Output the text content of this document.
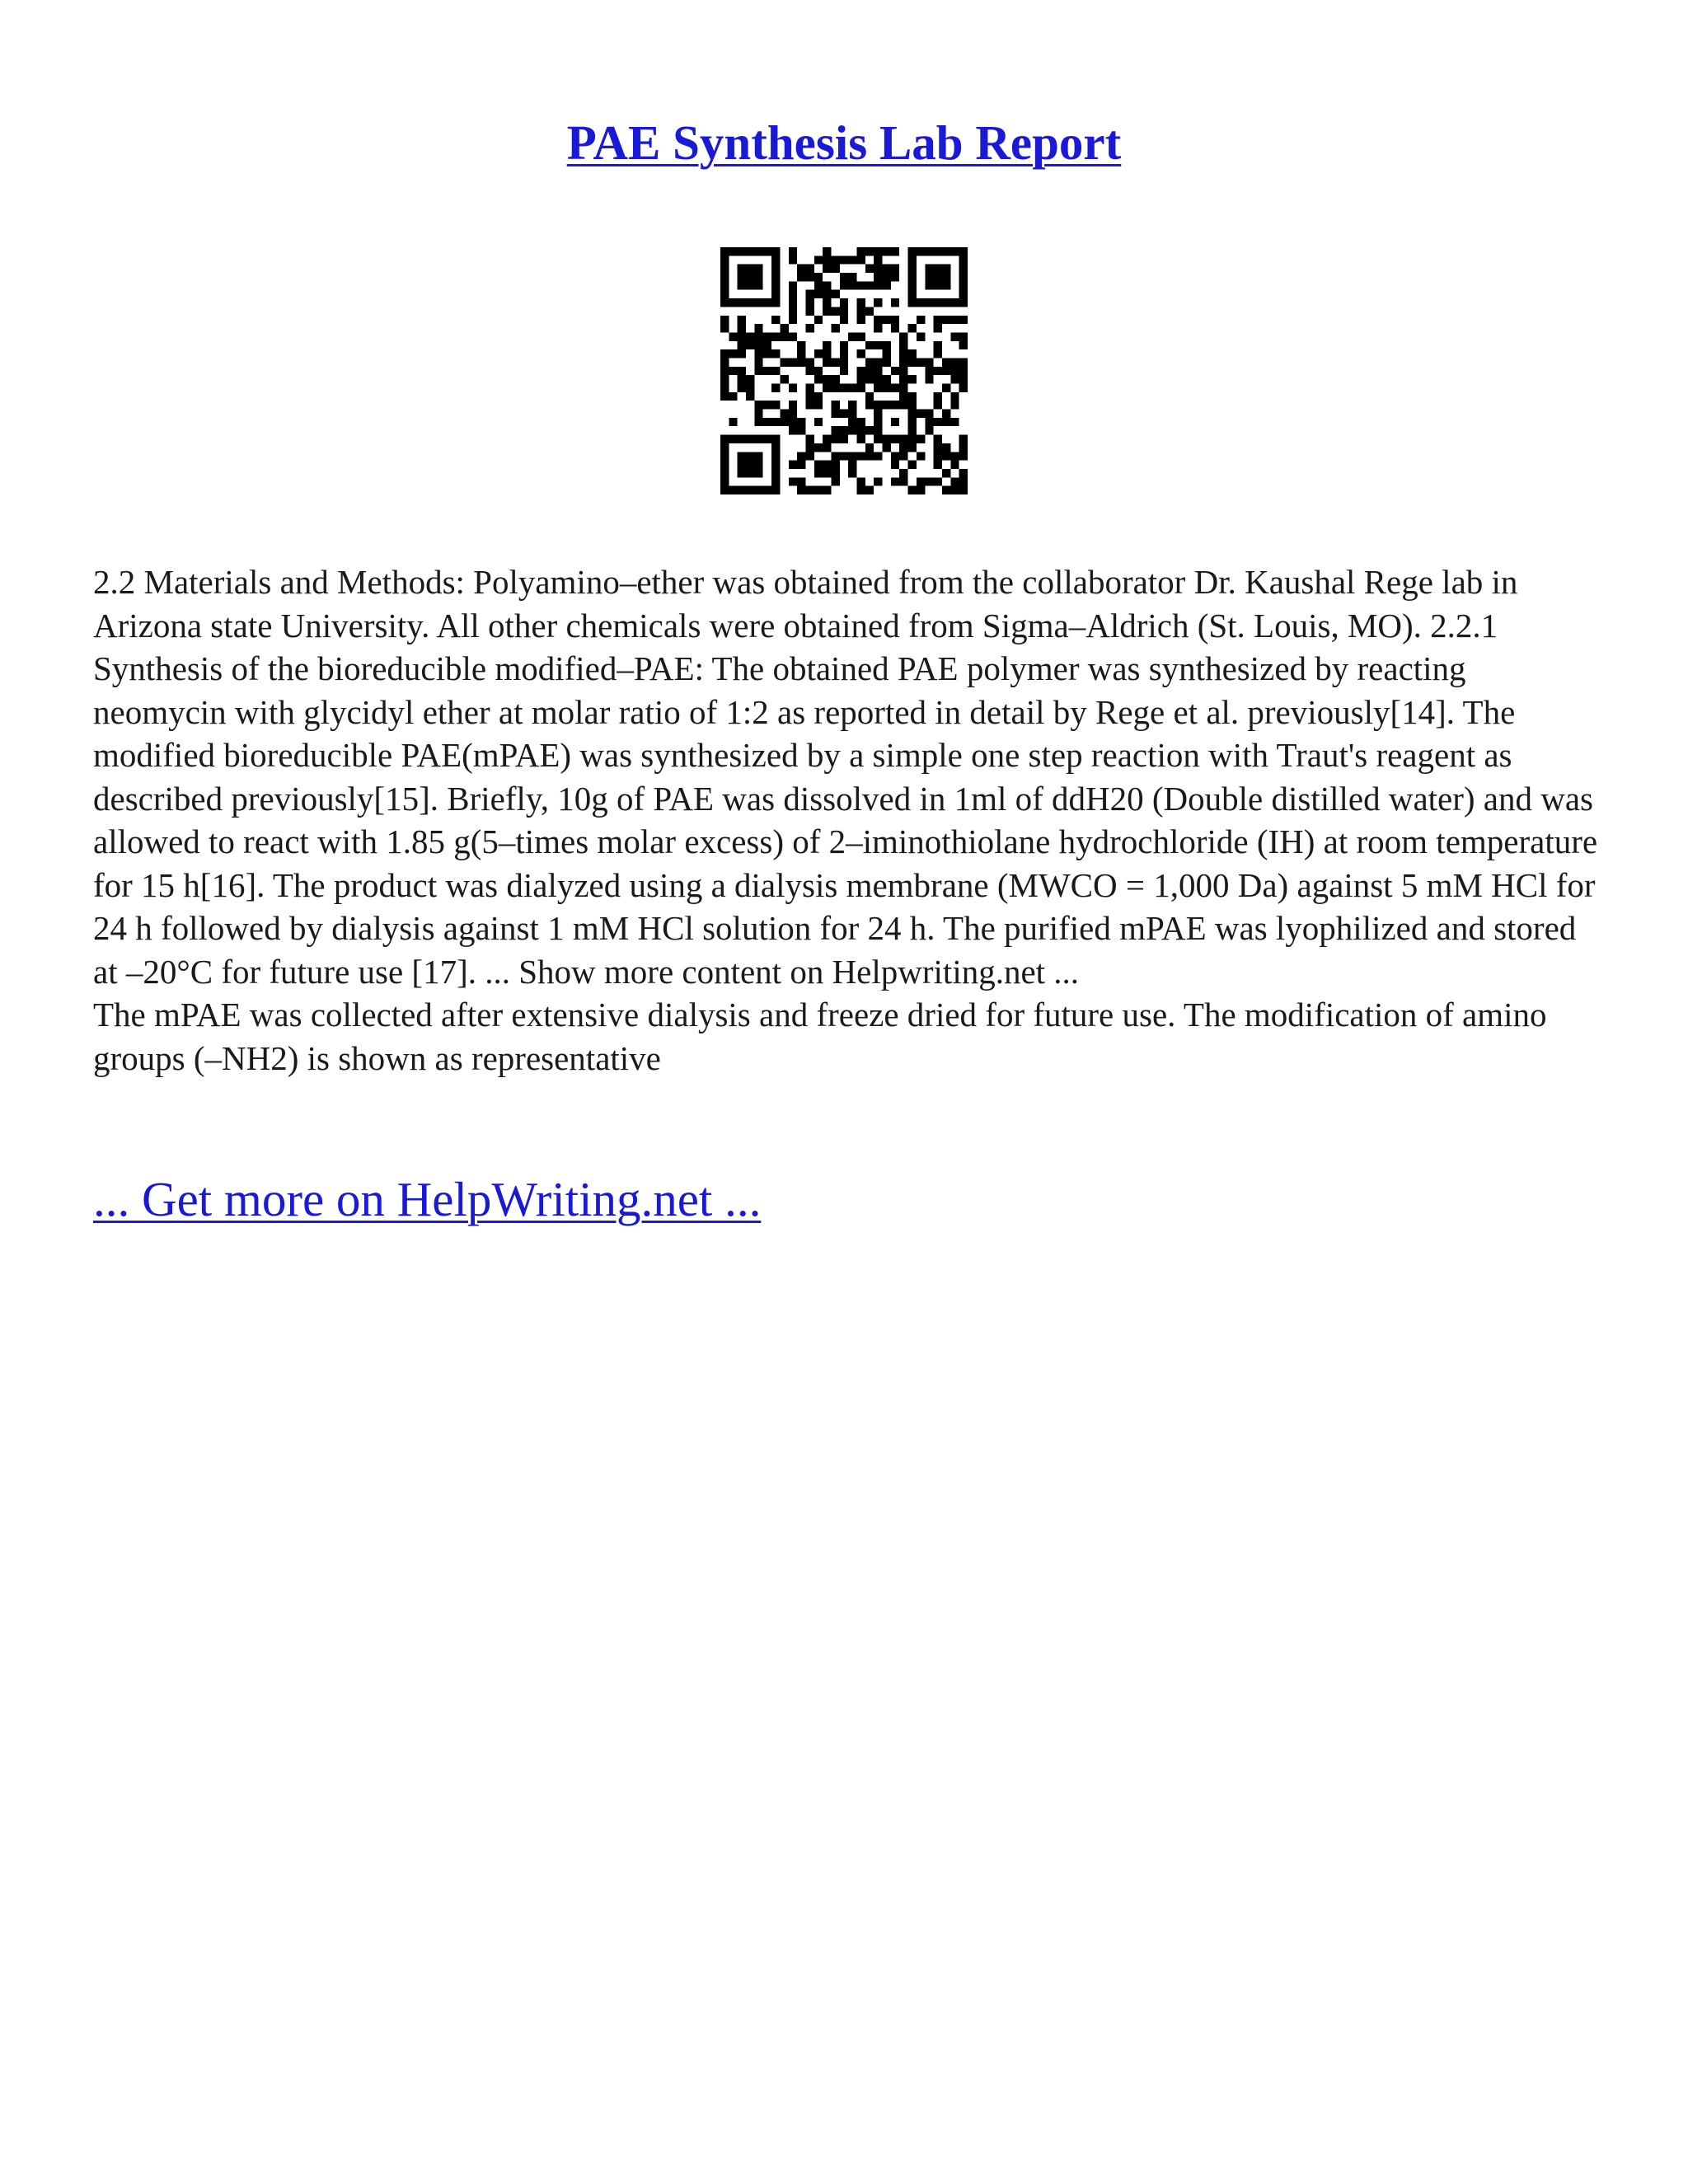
PAE Synthesis Lab Report

2.2 Materials and Methods: Polyamino–ether was obtained from the collaborator Dr. Kaushal Rege lab in Arizona state University. All other chemicals were obtained from Sigma–Aldrich (St. Louis, MO). 2.2.1 Synthesis of the bioreducible modified–PAE: The obtained PAE polymer was synthesized by reacting neomycin with glycidyl ether at molar ratio of 1:2 as reported in detail by Rege et al. previously[14]. The modified bioreducible PAE(mPAE) was synthesized by a simple one step reaction with Traut's reagent as described previously[15]. Briefly, 10g of PAE was dissolved in 1ml of ddH20 (Double distilled water) and was allowed to react with 1.85 g(5–times molar excess) of 2–iminothiolane hydrochloride (IH) at room temperature for 15 h[16]. The product was dialyzed using a dialysis membrane (MWCO = 1,000 Da) against 5 mM HCl for 24 h followed by dialysis against 1 mM HCl solution for 24 h. The purified mPAE was lyophilized and stored at –20°C for future use [17]. ... Show more content on Helpwriting.net ...

The mPAE was collected after extensive dialysis and freeze dried for future use. The modification of amino groups (–NH2) is shown as representative

... Get more on HelpWriting.net ...
